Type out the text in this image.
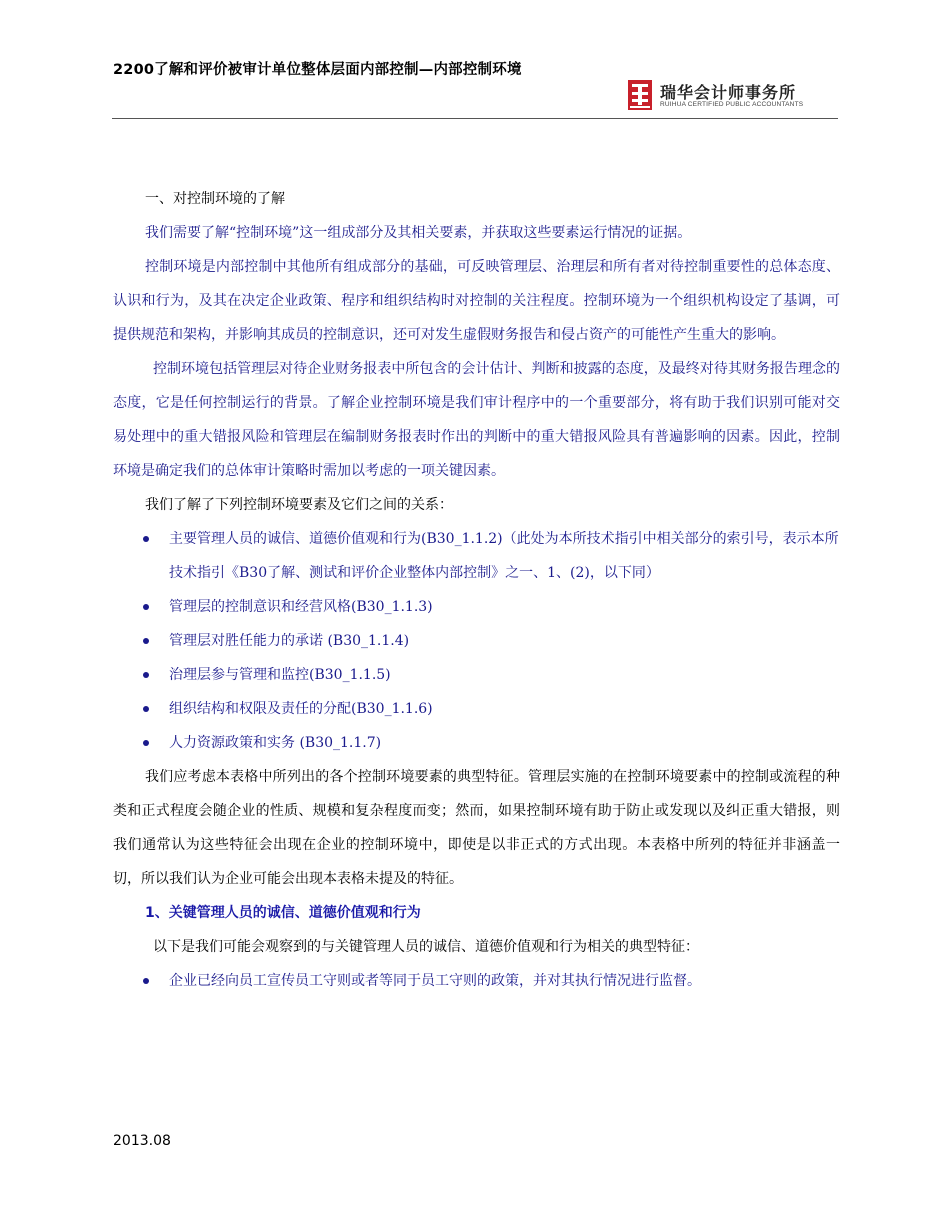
2200了解和评价被审计单位整体层面内部控制—内部控制环境
瑞华会计师事务所
RUIHUA CERTIFIED PUBLIC ACCOUNTANTS

一、对控制环境的了解

我们需要了解“控制环境”这一组成部分及其相关要素，并获取这些要素运行情况的证据。

控制环境是内部控制中其他所有组成部分的基础，可反映管理层、治理层和所有者对待控制重要性的总体态度、认识和行为，及其在决定企业政策、程序和组织结构时对控制的关注程度。控制环境为一个组织机构设定了基调，可提供规范和架构，并影响其成员的控制意识，还可对发生虚假财务报告和侵占资产的可能性产生重大的影响。

控制环境包括管理层对待企业财务报表中所包含的会计估计、判断和披露的态度，及最终对待其财务报告理念的态度，它是任何控制运行的背景。了解企业控制环境是我们审计程序中的一个重要部分，将有助于我们识别可能对交易处理中的重大错报风险和管理层在编制财务报表时作出的判断中的重大错报风险具有普遍影响的因素。因此，控制环境是确定我们的总体审计策略时需加以考虑的一项关键因素。

我们了解了下列控制环境要素及它们之间的关系：

主要管理人员的诚信、道德价值观和行为(B30_1.1.2)（此处为本所技术指引中相关部分的索引号，表示本所技术指引《B30了解、测试和评价企业整体内部控制》之一、1、(2)，以下同）
管理层的控制意识和经营风格(B30_1.1.3)
管理层对胜任能力的承诺 (B30_1.1.4)
治理层参与管理和监控(B30_1.1.5)
组织结构和权限及责任的分配(B30_1.1.6)
人力资源政策和实务 (B30_1.1.7)

我们应考虑本表格中所列出的各个控制环境要素的典型特征。管理层实施的在控制环境要素中的控制或流程的种类和正式程度会随企业的性质、规模和复杂程度而变；然而，如果控制环境有助于防止或发现以及纠正重大错报，则我们通常认为这些特征会出现在企业的控制环境中，即使是以非正式的方式出现。本表格中所列的特征并非涵盖一切，所以我们认为企业可能会出现本表格未提及的特征。

1、关键管理人员的诚信、道德价值观和行为

以下是我们可能会观察到的与关键管理人员的诚信、道德价值观和行为相关的典型特征：

企业已经向员工宣传员工守则或者等同于员工守则的政策，并对其执行情况进行监督。
2013.08
